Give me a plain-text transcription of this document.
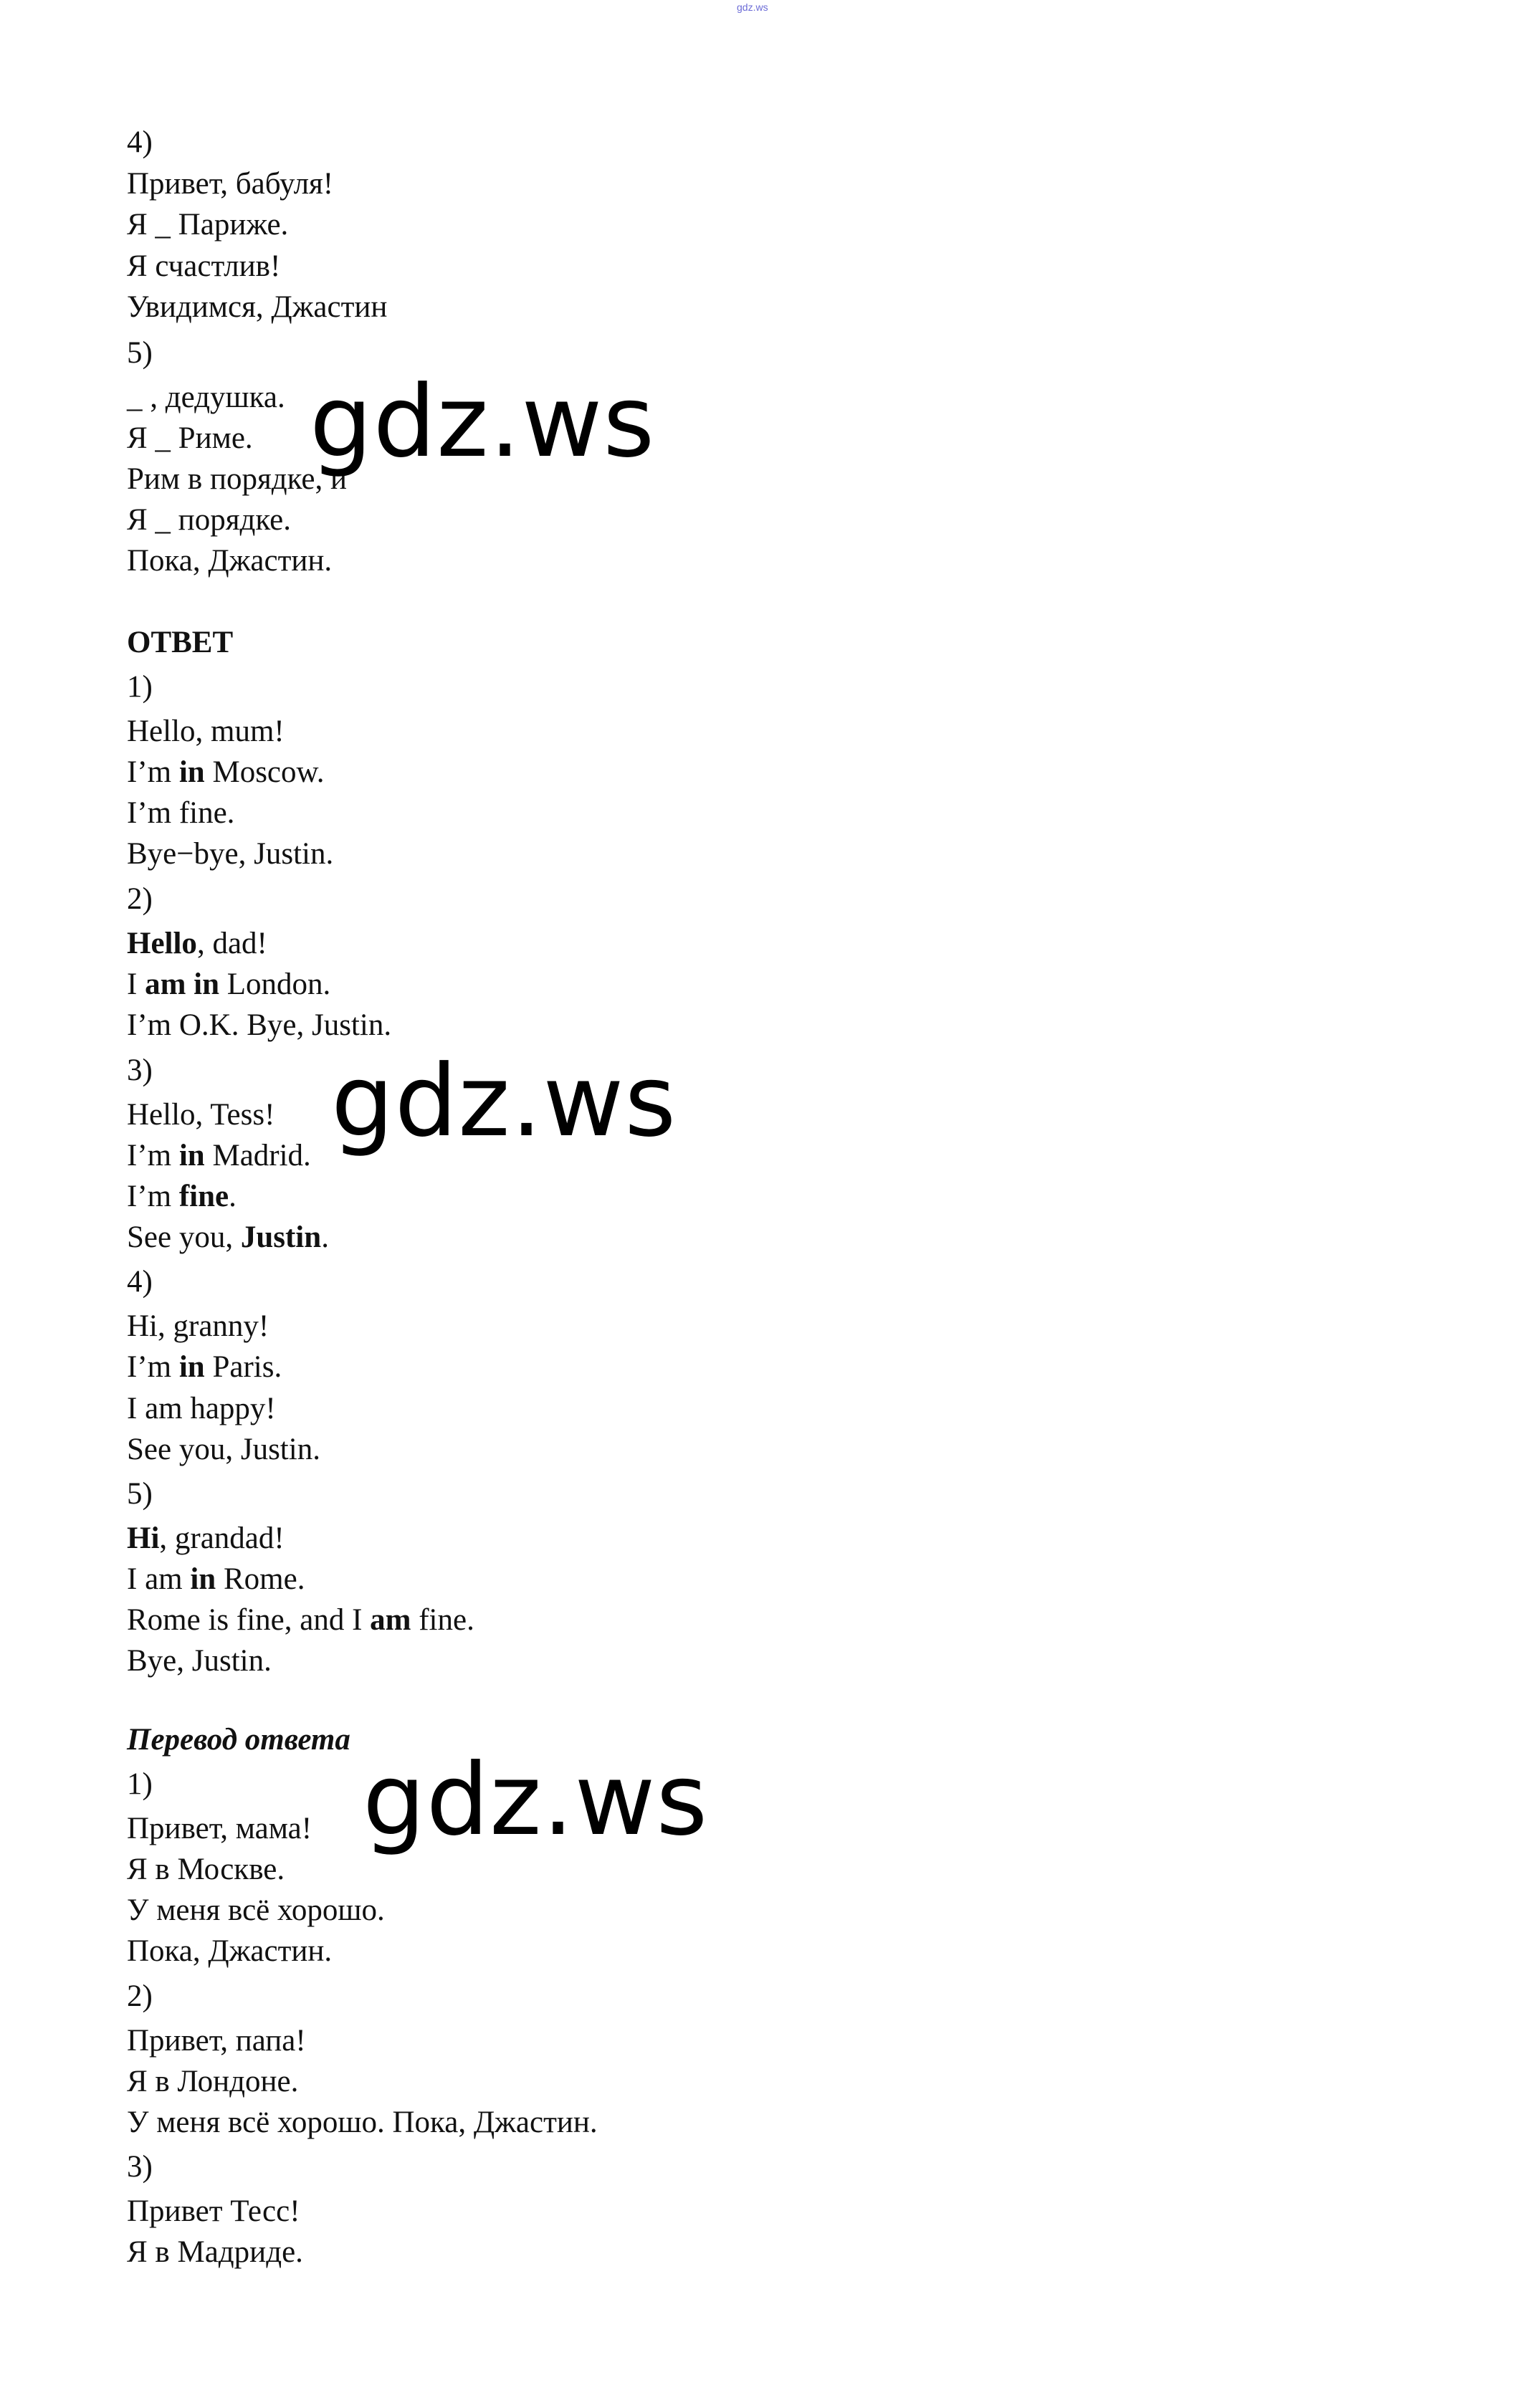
gdz.ws
4)
Привет, бабуля!
Я _ Париже.
Я счастлив!
Увидимся, Джастин
5)
_ , дедушка.
Я _ Риме.
Рим в порядке, и
Я _ порядке.
Пока, Джастин.
ОТВЕТ
1)
Hello, mum!
I’m in Moscow.
I’m fine.
Bye−bye, Justin.
2)
Hello, dad!
I am in London.
I’m O.K. Bye, Justin.
3)
Hello, Tess!
I’m in Madrid.
I’m fine.
See you, Justin.
4)
Hi, granny!
I’m in Paris.
I am happy!
See you, Justin.
5)
Hi, grandad!
I am in Rome.
Rome is fine, and I am fine.
Bye, Justin.
Перевод ответа
1)
Привет, мама!
Я в Москве.
У меня всё хорошо.
Пока, Джастин.
2)
Привет, папа!
Я в Лондоне.
У меня всё хорошо. Пока, Джастин.
3)
Привет Тесс!
Я в Мадриде.
gdz.ws
gdz.ws
gdz.ws
